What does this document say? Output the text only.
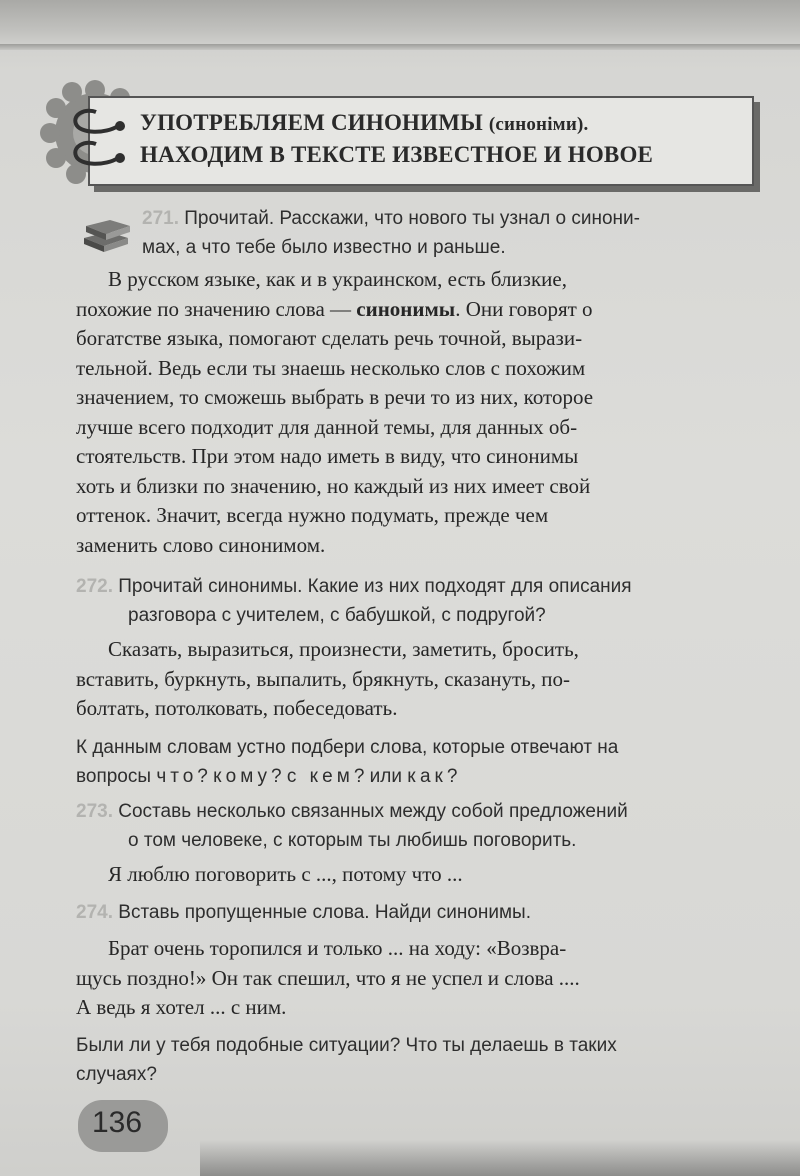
УПОТРЕБЛЯЕМ СИНОНИМЫ (синоніми).
НАХОДИМ В ТЕКСТЕ ИЗВЕСТНОЕ И НОВОЕ
271. Прочитай. Расскажи, что нового ты узнал о синони-
мах, а что тебе было известно и раньше.
В русском языке, как и в украинском, есть близкие,
похожие по значению слова — синонимы. Они говорят о
богатстве языка, помогают сделать речь точной, вырази-
тельной. Ведь если ты знаешь несколько слов с похожим
значением, то сможешь выбрать в речи то из них, которое
лучше всего подходит для данной темы, для данных об-
стоятельств. При этом надо иметь в виду, что синонимы
хоть и близки по значению, но каждый из них имеет свой
оттенок. Значит, всегда нужно подумать, прежде чем
заменить слово синонимом.
272. Прочитай синонимы. Какие из них подходят для описания
разговора с учителем, с бабушкой, с подругой?
Сказать, выразиться, произнести, заметить, бросить,
вставить, буркнуть, выпалить, брякнуть, сказануть, по-
болтать, потолковать, побеседовать.
К данным словам устно подбери слова, которые отвечают на
вопросы что? кому? с кем? или как?
273. Составь несколько связанных между собой предложений
о том человеке, с которым ты любишь поговорить.
Я люблю поговорить с ..., потому что ...
274. Вставь пропущенные слова. Найди синонимы.
Брат очень торопился и только ... на ходу: «Возвра-
щусь поздно!» Он так спешил, что я не успел и слова ....
А ведь я хотел ... с ним.
Были ли у тебя подобные ситуации? Что ты делаешь в таких
случаях?
136
